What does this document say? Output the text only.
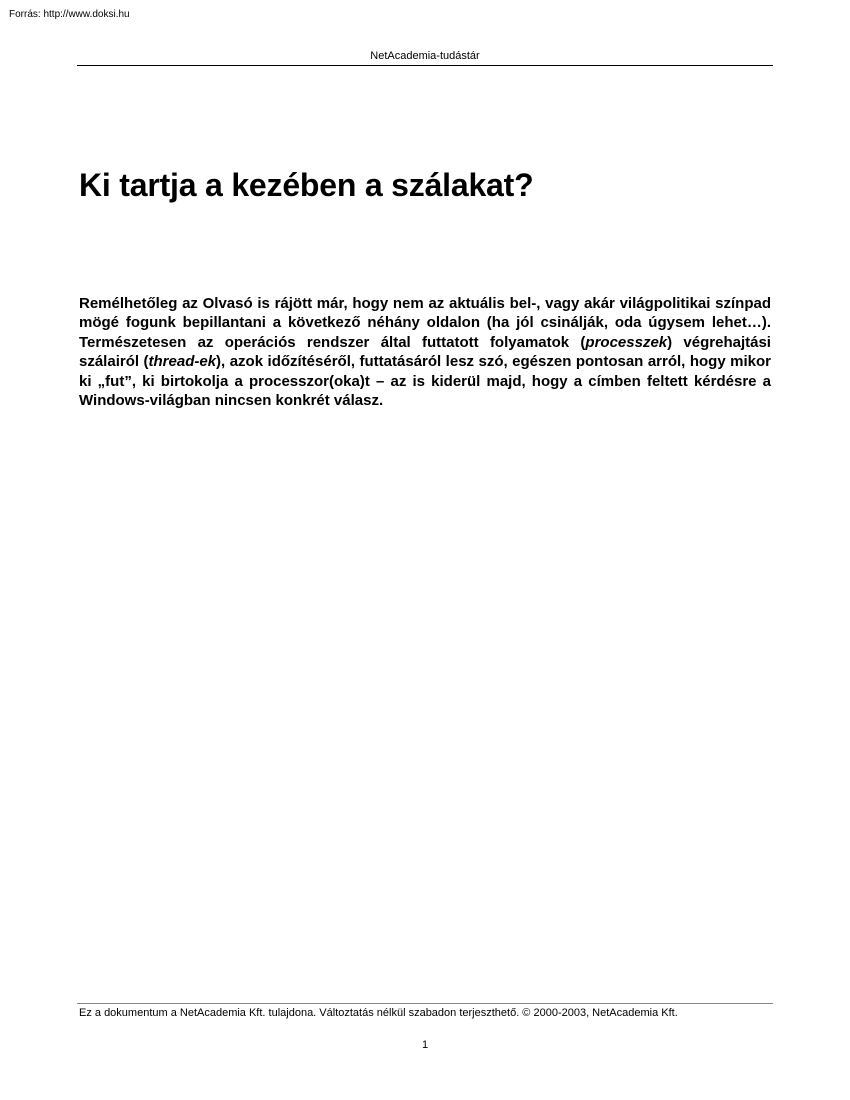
Forrás: http://www.doksi.hu
NetAcademia-tudástár
Ki tartja a kezében a szálakat?

Remélhetőleg az Olvasó is rájött már, hogy nem az aktuális bel-, vagy akár világpolitikai színpad mögé fogunk bepillantani a következő néhány oldalon (ha jól csinálják, oda úgysem lehet…). Természetesen az operációs rendszer által futtatott folyamatok (processzek) végrehajtási szálairól (thread-ek), azok időzítéséről, futtatásáról lesz szó, egészen pontosan arról, hogy mikor ki „fut”, ki birtokolja a processzor(oka)t – az is kiderül majd, hogy a címben feltett kérdésre a Windows-világban nincsen konkrét válasz.

Ez a dokumentum a NetAcademia Kft. tulajdona. Változtatás nélkül szabadon terjeszthető. © 2000-2003, NetAcademia Kft.
1
